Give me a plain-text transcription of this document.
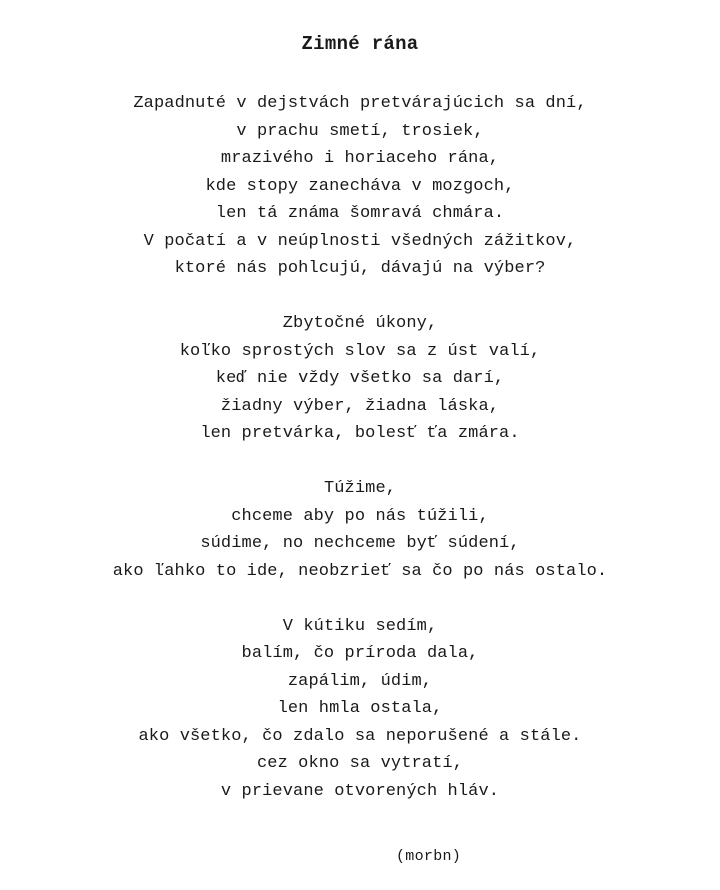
Zimné rána
Zapadnuté v dejstvách pretvárajúcich sa dní,
v prachu smetí, trosiek,
mrazivého i horiaceho rána,
kde stopy zanecháva v mozgoch,
len tá známa šomravá chmára.
V počatí a v neúplnosti všedných zážitkov,
ktoré nás pohlcujú, dávajú na výber?
Zbytočné úkony,
koľko sprostých slov sa z úst valí,
keď nie vždy všetko sa darí,
žiadny výber, žiadna láska,
len pretvárka, bolesť ťa zmára.
Túžime,
chceme aby po nás túžili,
súdime, no nechceme byť súdení,
ako ľahko to ide, neobzrieť sa čo po nás ostalo.
V kútiku sedím,
balím, čo príroda dala,
zapálim, údim,
len hmla ostala,
ako všetko, čo zdalo sa neporušené a stále.
cez okno sa vytratí,
v prievane otvorených hláv.
(morbn)
